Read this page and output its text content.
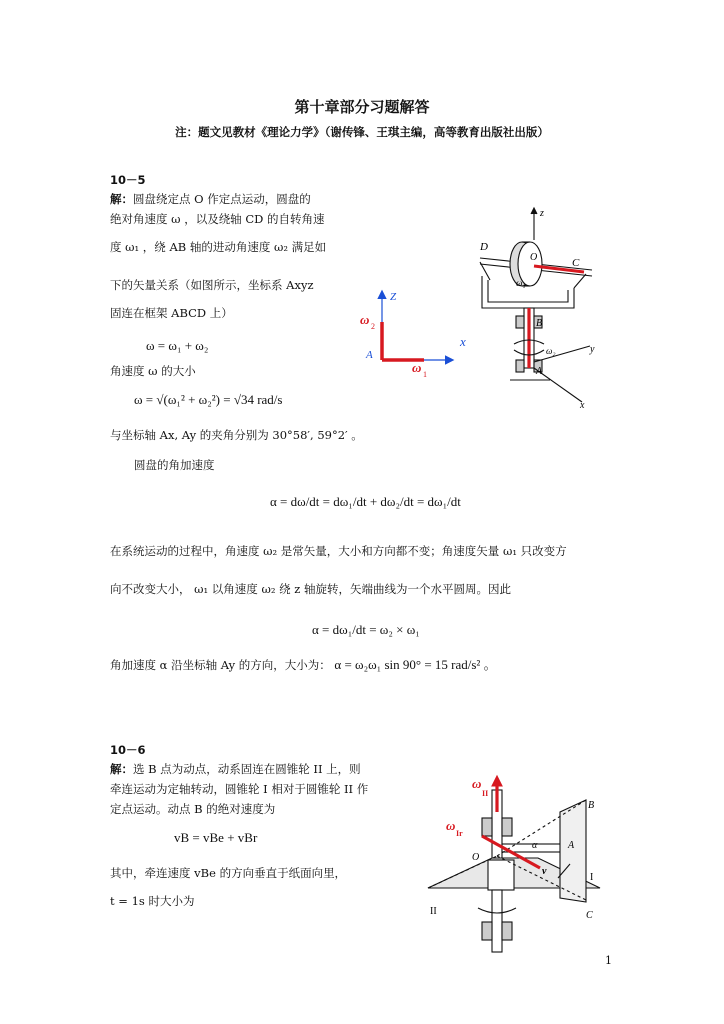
第十章部分习题解答
注：题文见教材《理论力学》（谢传锋、王琪主编，高等教育出版社出版）
10－5
解：圆盘绕定点 O 作定点运动，圆盘的
绝对角速度 ω ，以及绕轴 CD 的自转角速
度 ω₁ ，绕 AB 轴的进动角速度 ω₂ 满足如
下的矢量关系（如图所示，坐标系 Axyz
固连在框架 ABCD 上）
ω = ω₁ + ω₂
角速度 ω 的大小
ω = √(ω₁² + ω₂²) = √34 rad/s
与坐标轴 Ax, Ay 的夹角分别为 30°58′, 59°2′ 。
圆盘的角加速度
α = dω/dt = dω₁/dt + dω₂/dt = dω₁/dt
在系统运动的过程中，角速度 ω₂ 是常矢量，大小和方向都不变；角速度矢量 ω₁ 只改变方
向不改变大小， ω₁ 以角速度 ω₂ 绕 z 轴旋转，矢端曲线为一个水平圆周。因此
α = dω₁/dt = ω₂ × ω₁
角加速度 α 沿坐标轴 Ay 的方向，大小为： α = ω₂ω₁ sin 90° = 15 rad/s² 。
Z
x
A
ω 2
ω 1
z
D
O	C
ω₁
B
ω₂	y
A
x
10－6
解：选 B 点为动点，动系固连在圆锥轮 II 上，则
牵连运动为定轴转动，圆锥轮 I 相对于圆锥轮 II 作
定点运动。动点 B 的绝对速度为
vB = vBe + vBr
其中，牵连速度 vBe 的方向垂直于纸面向里，
t = 1s 时大小为
ω
II
ω
Ir
B
A
O
α
v
I
II	C
1
